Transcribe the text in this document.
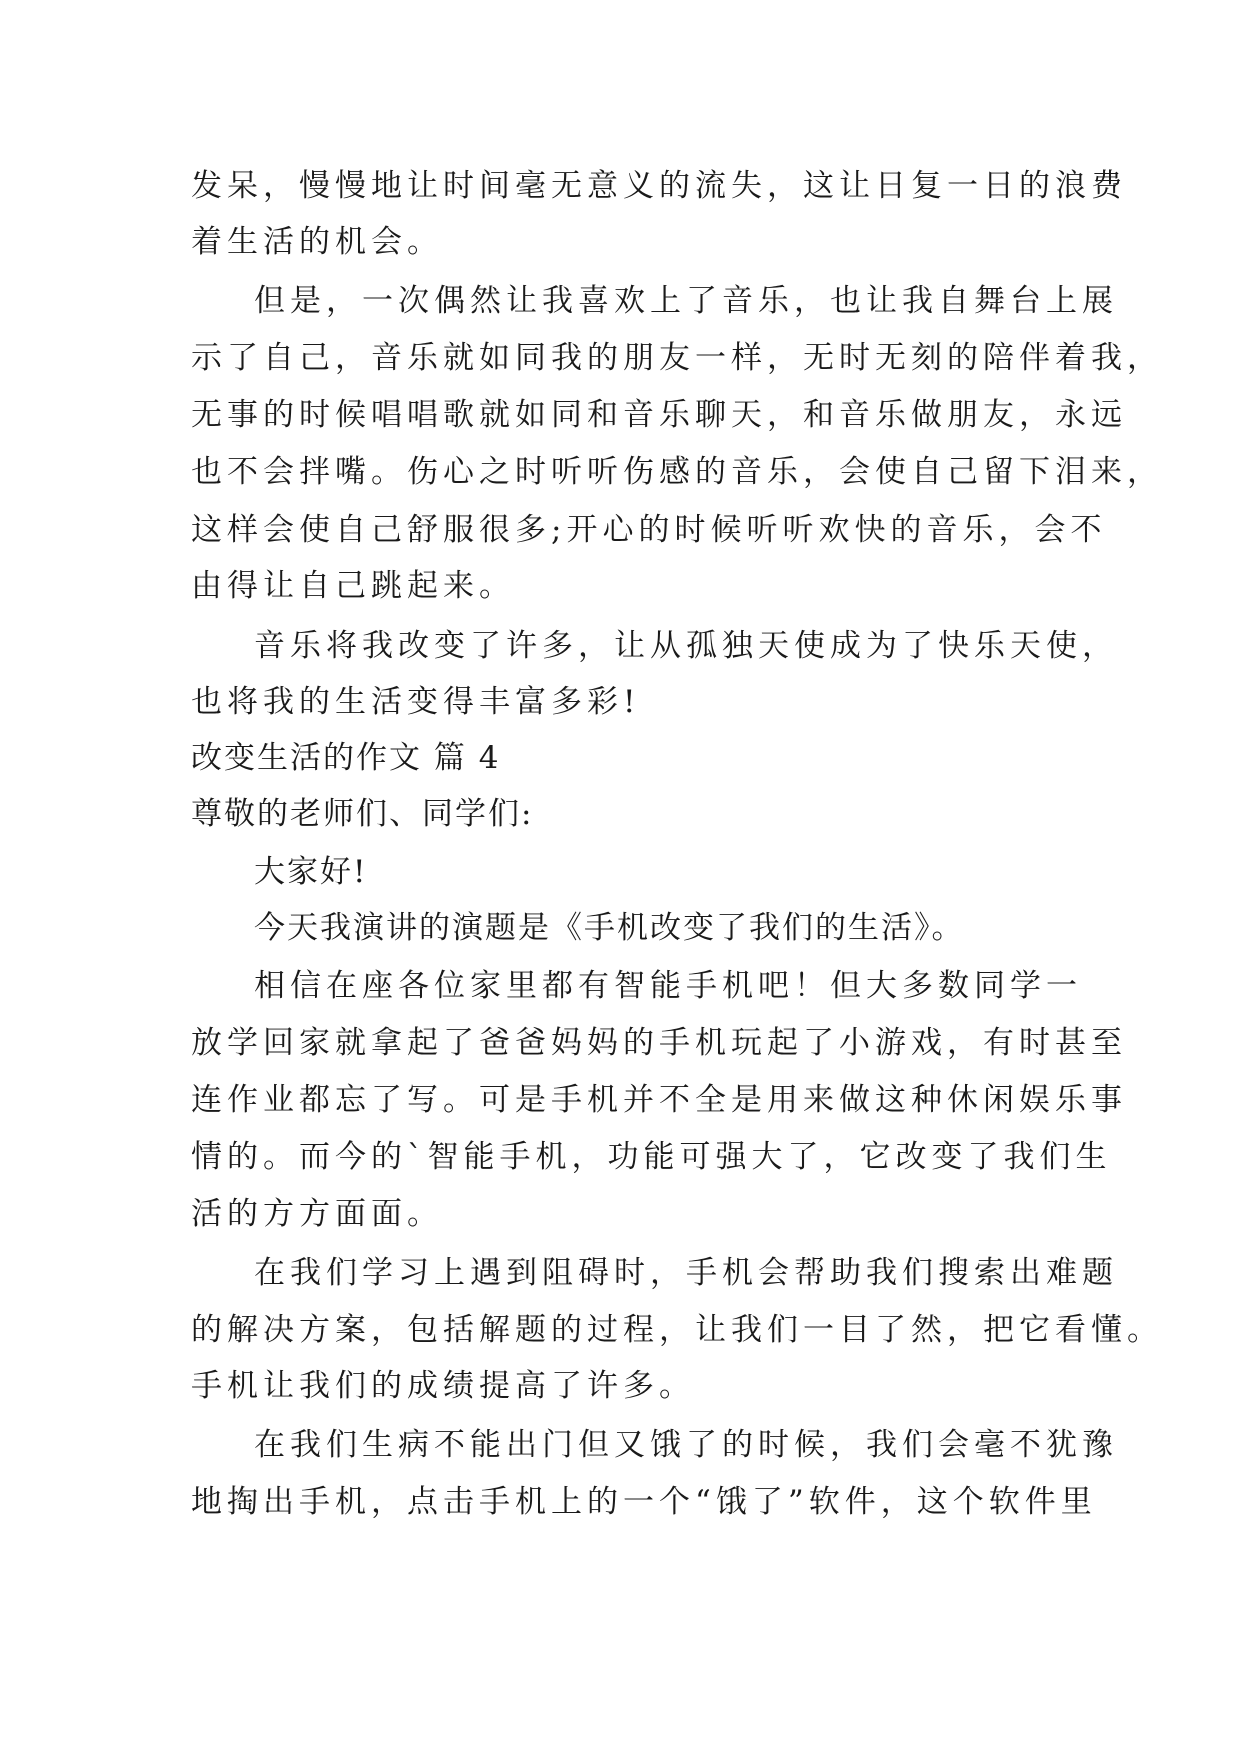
发呆，慢慢地让时间毫无意义的流失，这让日复一日的浪费
着生活的机会。
但是，一次偶然让我喜欢上了音乐，也让我自舞台上展
示了自己，音乐就如同我的朋友一样，无时无刻的陪伴着我，
无事的时候唱唱歌就如同和音乐聊天，和音乐做朋友，永远
也不会拌嘴。伤心之时听听伤感的音乐，会使自己留下泪来，
这样会使自己舒服很多;开心的时候听听欢快的音乐，会不
由得让自己跳起来。
音乐将我改变了许多，让从孤独天使成为了快乐天使，
也将我的生活变得丰富多彩!
改变生活的作文 篇 4
尊敬的老师们、同学们:
大家好!
今天我演讲的演题是《手机改变了我们的生活》。
相信在座各位家里都有智能手机吧！但大多数同学一
放学回家就拿起了爸爸妈妈的手机玩起了小游戏，有时甚至
连作业都忘了写。可是手机并不全是用来做这种休闲娱乐事
情的。而今的`智能手机，功能可强大了，它改变了我们生
活的方方面面。
在我们学习上遇到阻碍时，手机会帮助我们搜索出难题
的解决方案，包括解题的过程，让我们一目了然，把它看懂。
手机让我们的成绩提高了许多。
在我们生病不能出门但又饿了的时候，我们会毫不犹豫
地掏出手机，点击手机上的一个“饿了”软件，这个软件里
